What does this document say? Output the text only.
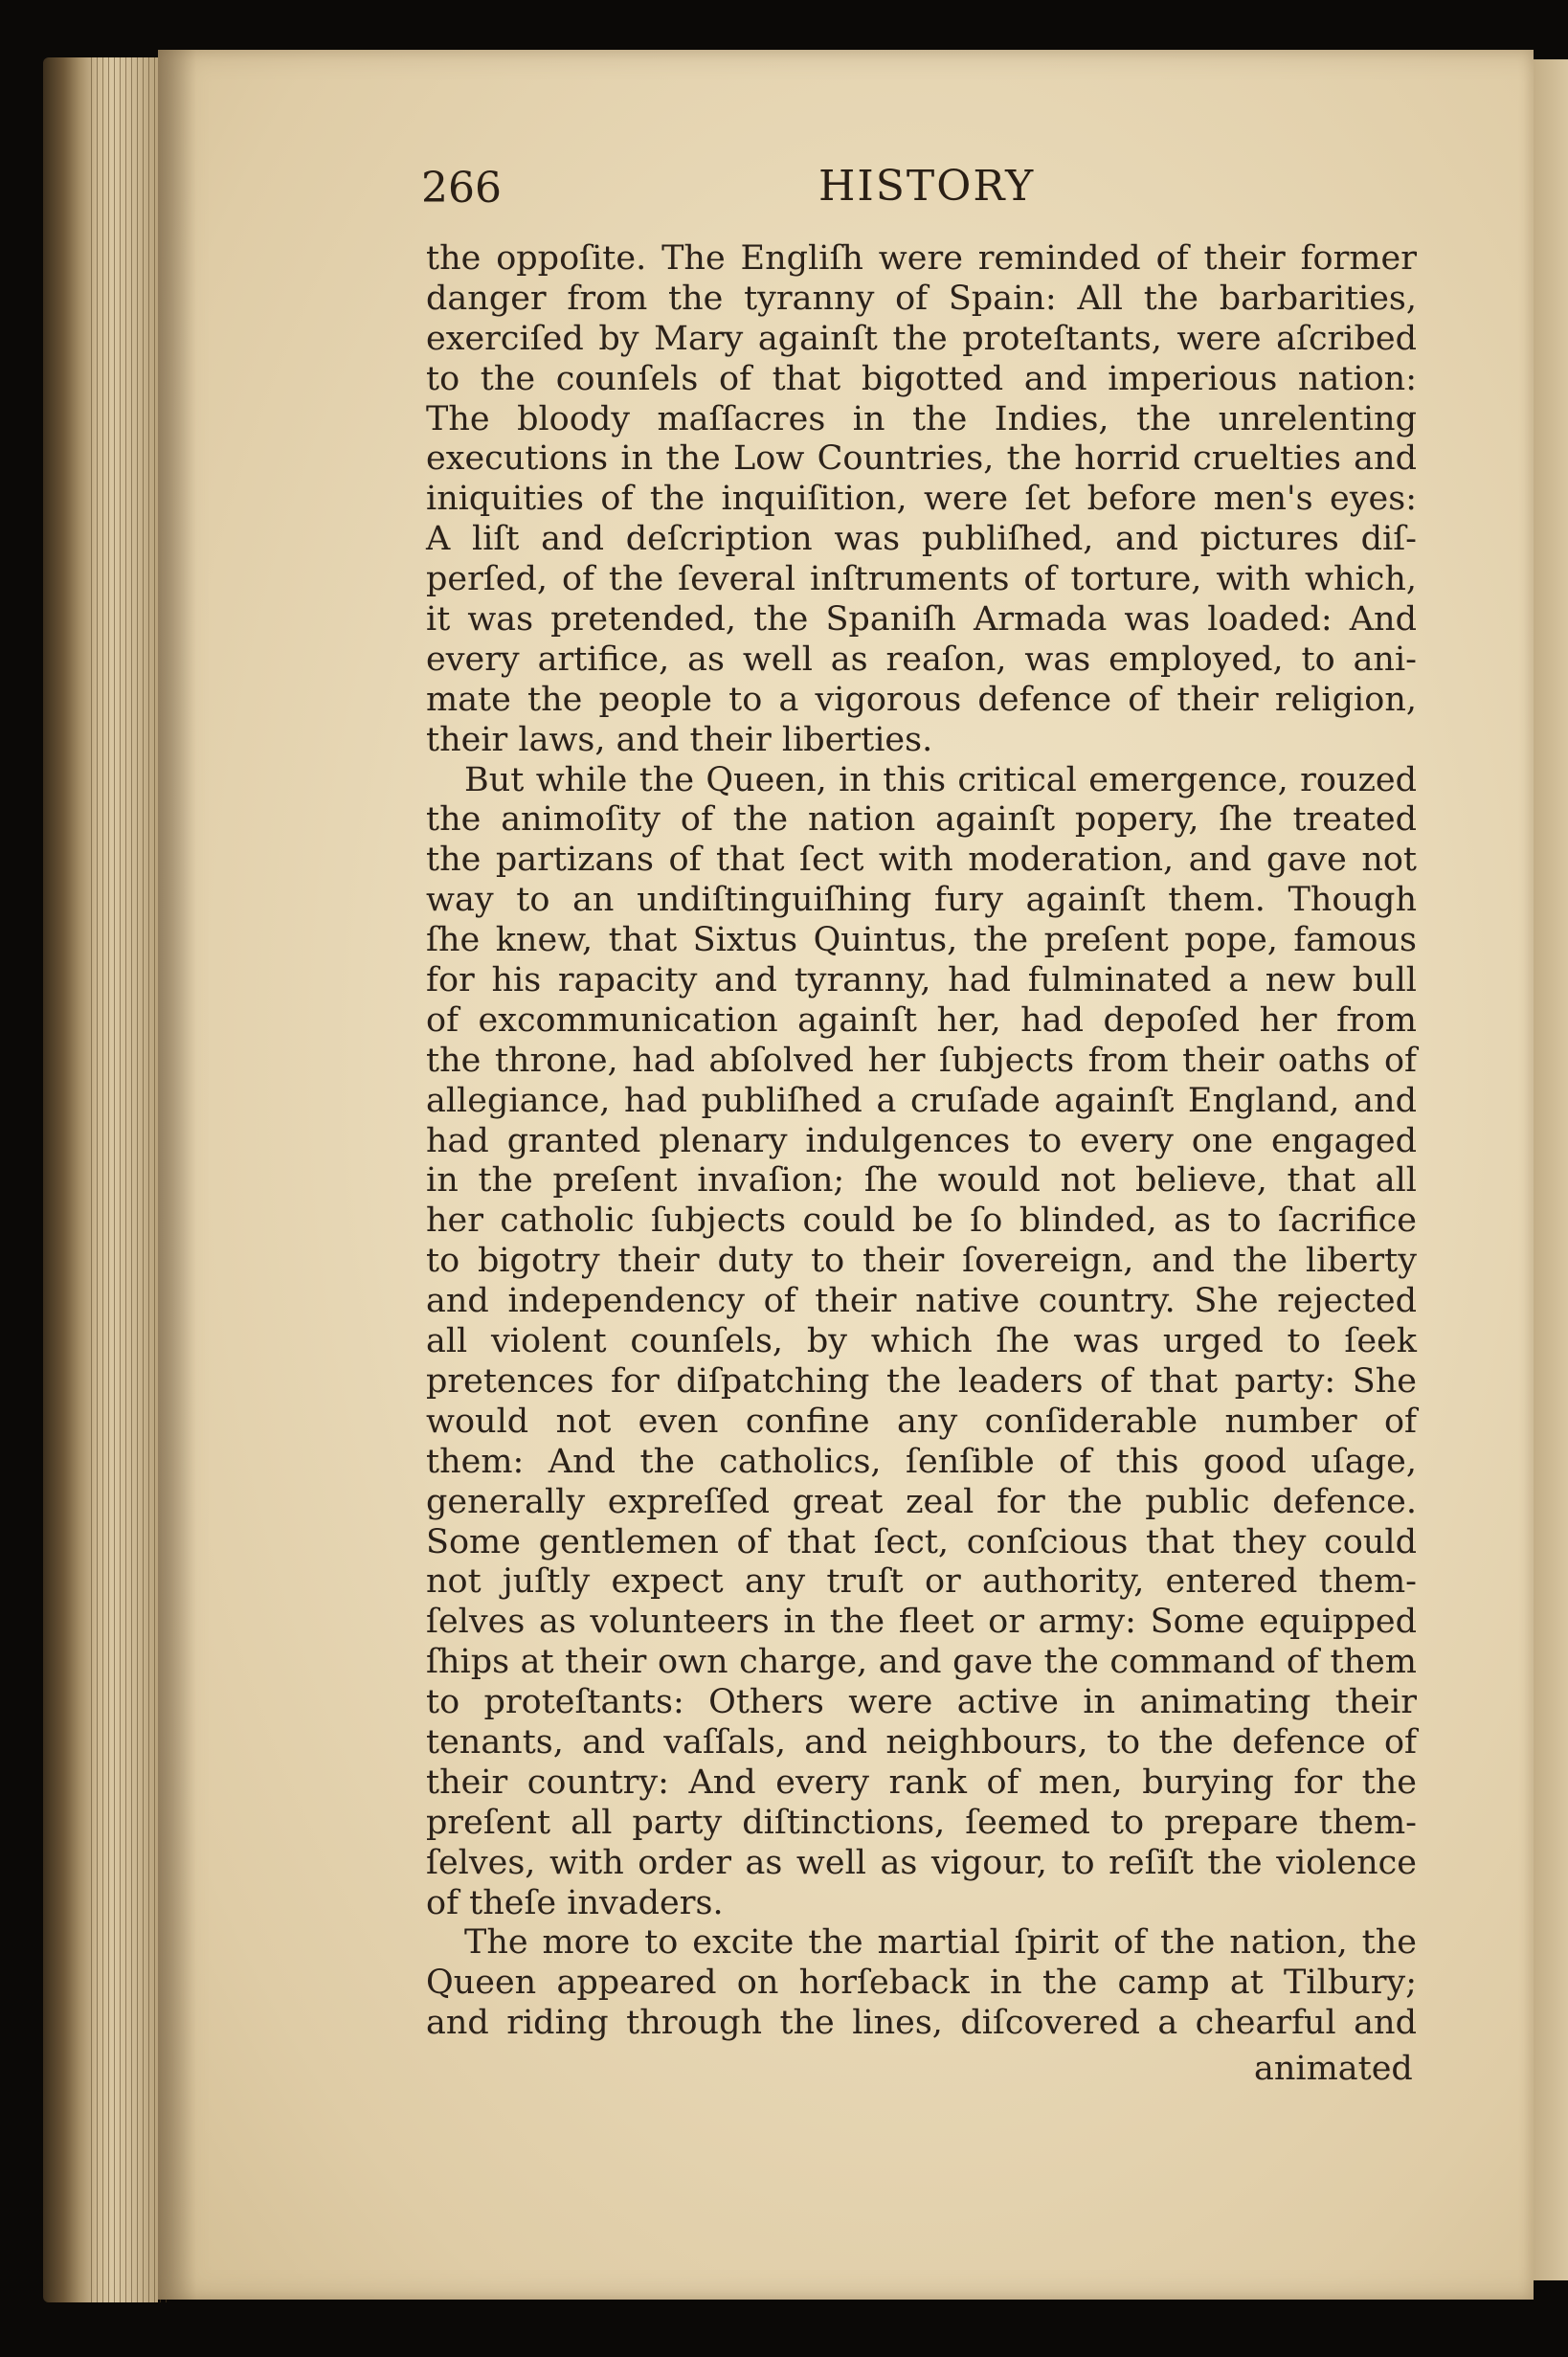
266	HISTORY
the oppoſite. The Engliſh were reminded of their former
danger from the tyranny of Spain: All the barbarities,
exerciſed by Mary againſt the proteſtants, were aſcribed
to the counſels of that bigotted and imperious nation:
The bloody maſſacres in the Indies, the unrelenting
executions in the Low Countries, the horrid cruelties and
iniquities of the inquiſition, were ſet before men's eyes:
A liſt and deſcription was publiſhed, and pictures diſ-
perſed, of the ſeveral inſtruments of torture, with which,
it was pretended, the Spaniſh Armada was loaded: And
every artifice, as well as reaſon, was employed, to ani-
mate the people to a vigorous defence of their religion,
their laws, and their liberties.
But while the Queen, in this critical emergence, rouzed
the animoſity of the nation againſt popery, ſhe treated
the partizans of that ſect with moderation, and gave not
way to an undiſtinguiſhing fury againſt them. Though
ſhe knew, that Sixtus Quintus, the preſent pope, famous
for his rapacity and tyranny, had fulminated a new bull
of excommunication againſt her, had depoſed her from
the throne, had abſolved her ſubjects from their oaths of
allegiance, had publiſhed a cruſade againſt England, and
had granted plenary indulgences to every one engaged
in the preſent invaſion; ſhe would not believe, that all
her catholic ſubjects could be ſo blinded, as to ſacrifice
to bigotry their duty to their ſovereign, and the liberty
and independency of their native country. She rejected
all violent counſels, by which ſhe was urged to ſeek
pretences for diſpatching the leaders of that party: She
would not even confine any conſiderable number of
them: And the catholics, ſenſible of this good uſage,
generally expreſſed great zeal for the public defence.
Some gentlemen of that ſect, conſcious that they could
not juſtly expect any truſt or authority, entered them-
ſelves as volunteers in the fleet or army: Some equipped
ſhips at their own charge, and gave the command of them
to proteſtants: Others were active in animating their
tenants, and vaſſals, and neighbours, to the defence of
their country: And every rank of men, burying for the
preſent all party diſtinctions, ſeemed to prepare them-
ſelves, with order as well as vigour, to reſiſt the violence
of theſe invaders.
The more to excite the martial ſpirit of the nation, the
Queen appeared on horſeback in the camp at Tilbury;
and riding through the lines, diſcovered a chearful and
animated
